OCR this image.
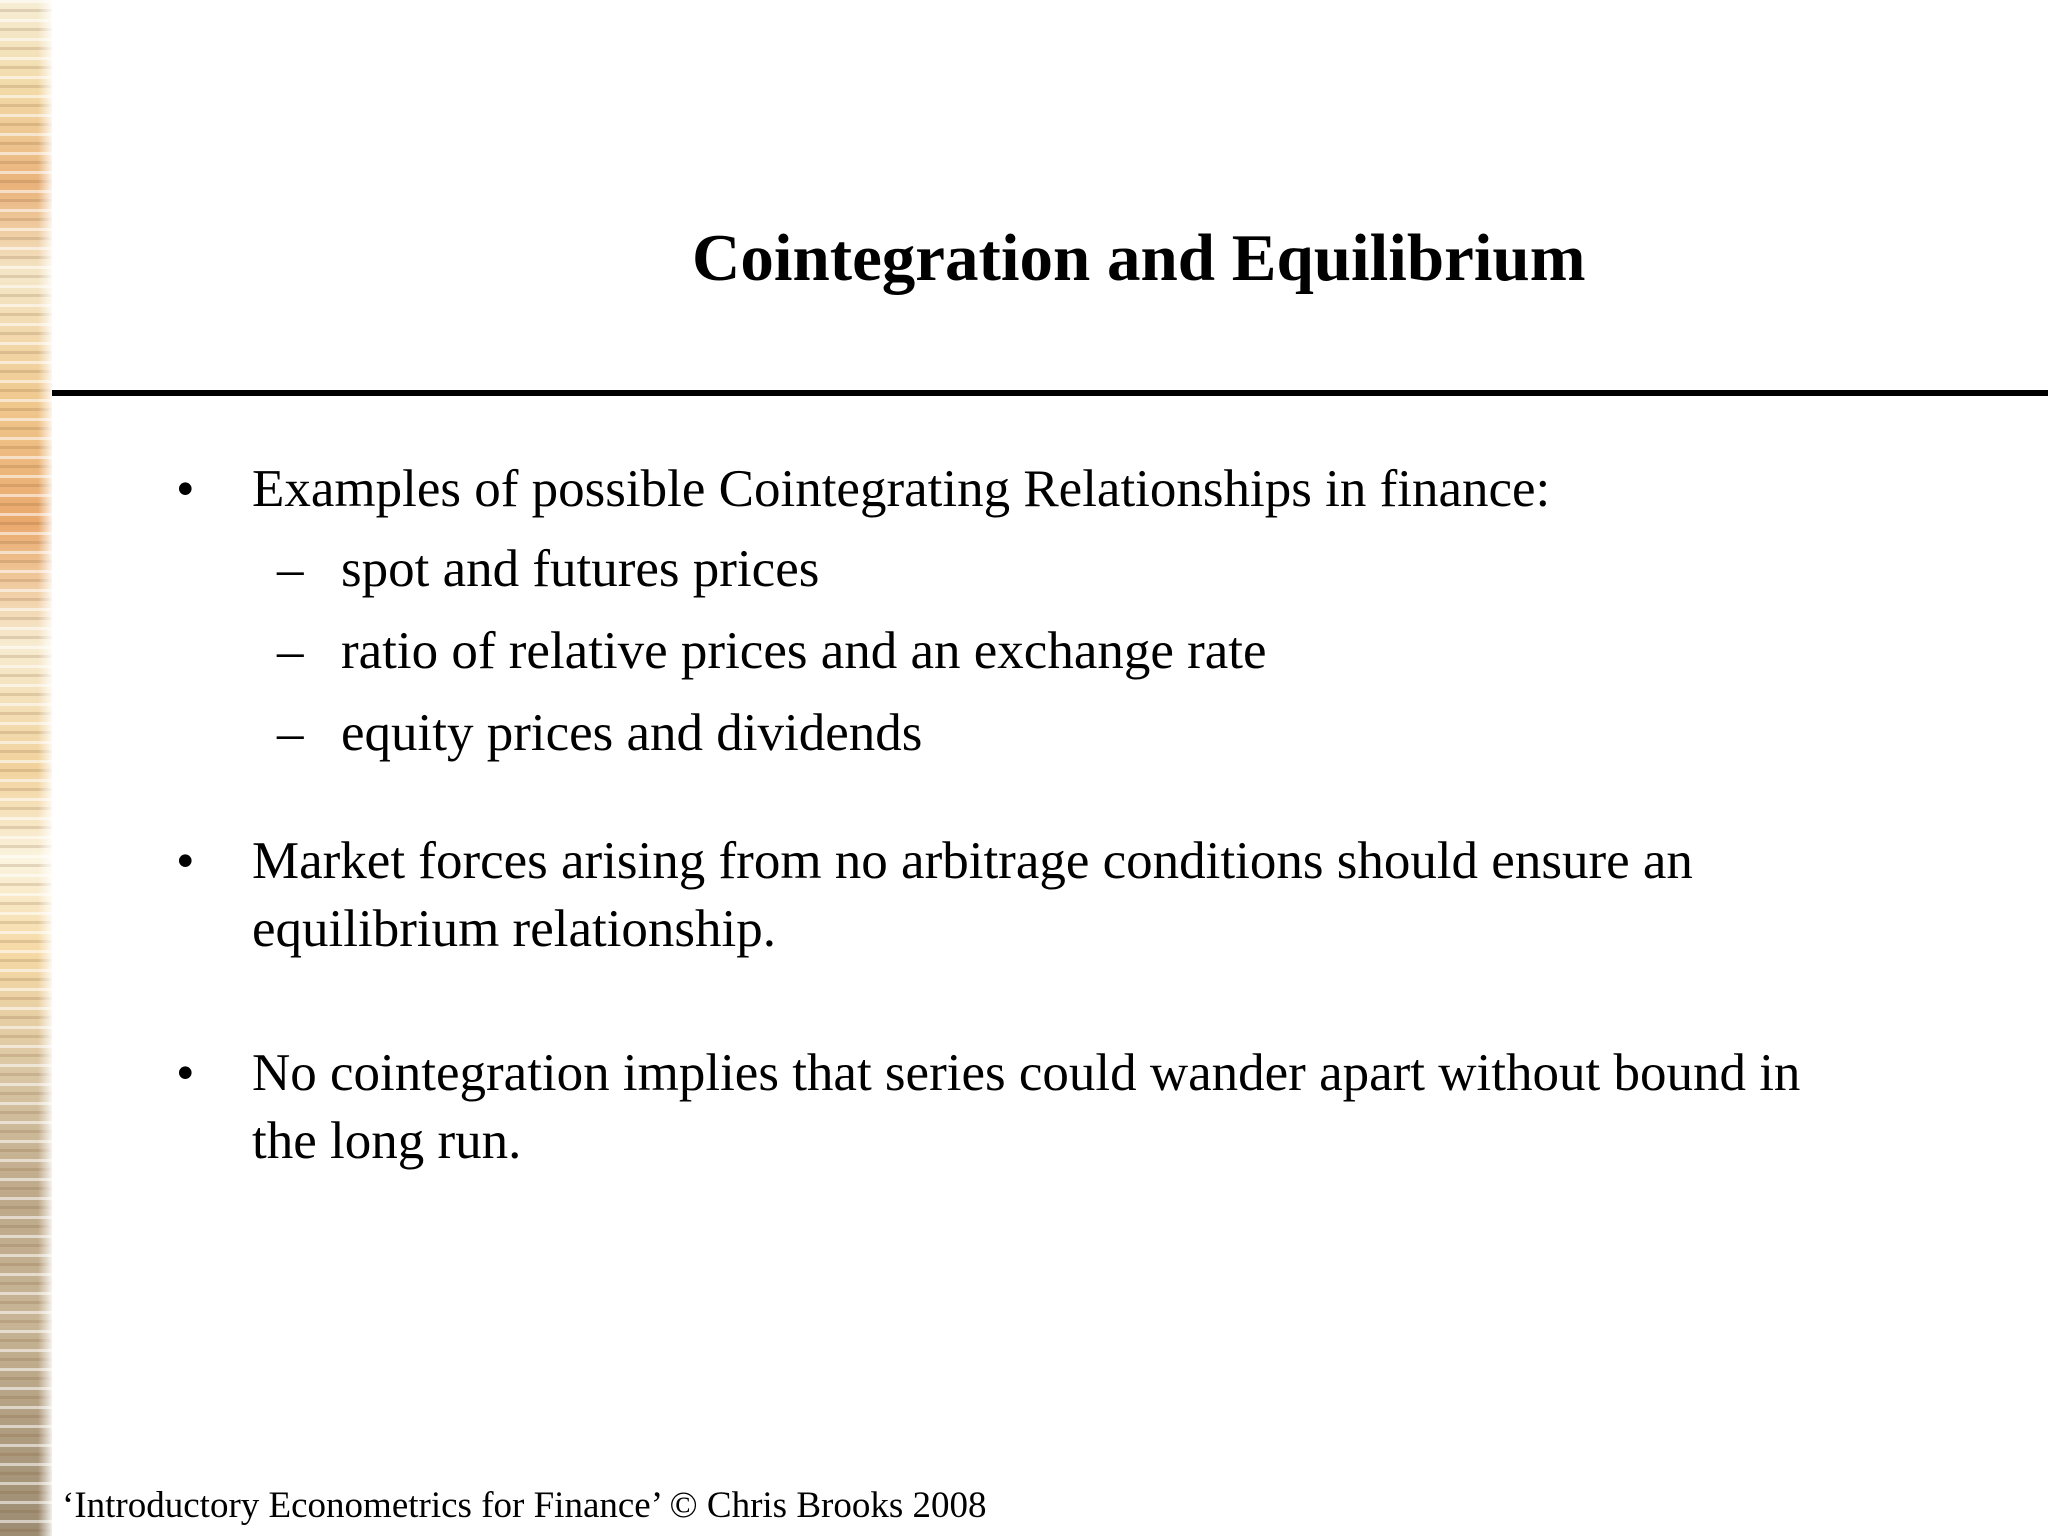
Cointegration and Equilibrium
•	Examples of possible Cointegrating Relationships in finance:
– spot and futures prices
– ratio of relative prices and an exchange rate
– equity prices and dividends
•	Market forces arising from no arbitrage conditions should ensure an equilibrium relationship.
•	No cointegration implies that series could wander apart without bound in the long run.
‘Introductory Econometrics for Finance’ © Chris Brooks 2008
